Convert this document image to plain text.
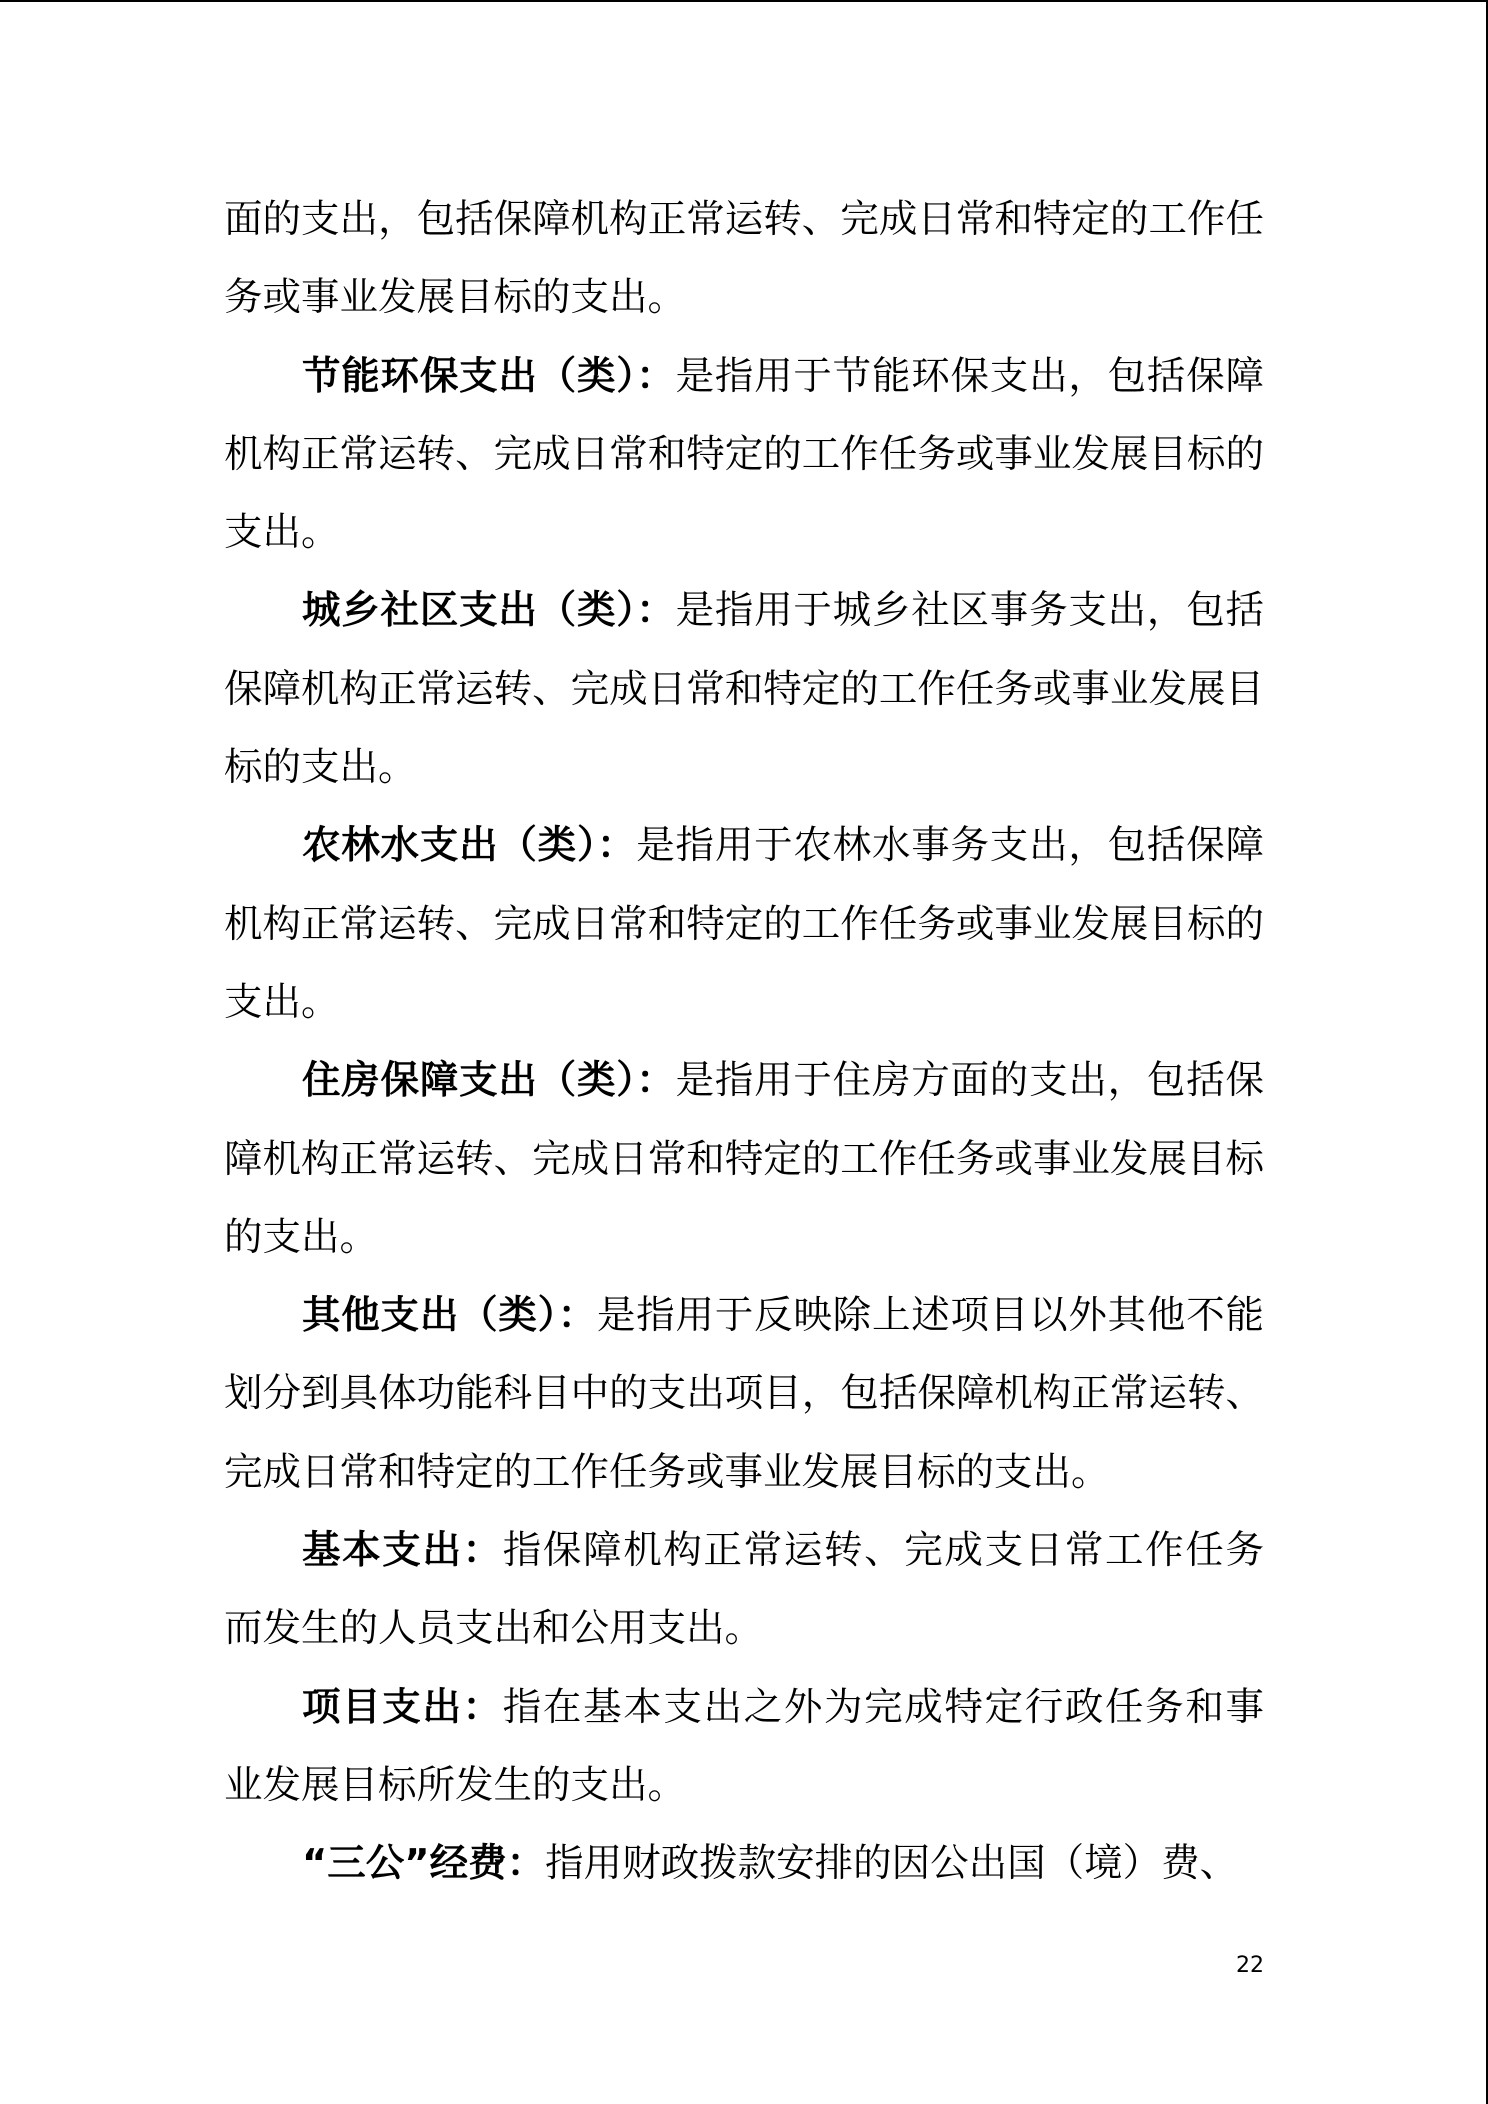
面的支出，包括保障机构正常运转、完成日常和特定的工作任务或事业发展目标的支出。

节能环保支出（类）：是指用于节能环保支出，包括保障机构正常运转、完成日常和特定的工作任务或事业发展目标的支出。

城乡社区支出（类）：是指用于城乡社区事务支出，包括保障机构正常运转、完成日常和特定的工作任务或事业发展目标的支出。

农林水支出（类）：是指用于农林水事务支出，包括保障机构正常运转、完成日常和特定的工作任务或事业发展目标的支出。

住房保障支出（类）：是指用于住房方面的支出，包括保障机构正常运转、完成日常和特定的工作任务或事业发展目标的支出。

其他支出（类）：是指用于反映除上述项目以外其他不能划分到具体功能科目中的支出项目，包括保障机构正常运转、完成日常和特定的工作任务或事业发展目标的支出。

基本支出：指保障机构正常运转、完成支日常工作任务而发生的人员支出和公用支出。

项目支出：指在基本支出之外为完成特定行政任务和事业发展目标所发生的支出。

“三公”经费：指用财政拨款安排的因公出国（境）费、

22
